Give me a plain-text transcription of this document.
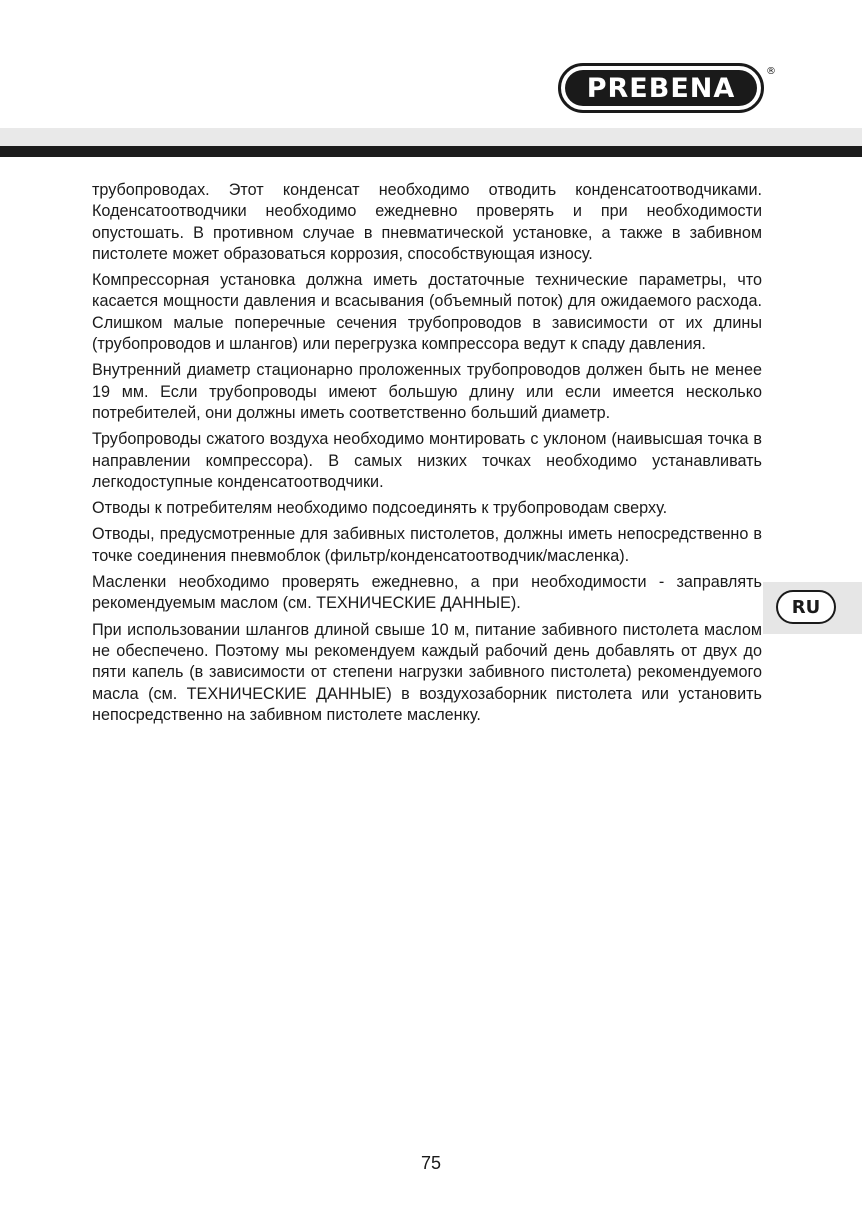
PREBENA
®

трубопроводах. Этот конденсат необходимо отводить конденсатоотводчиками. Коденсатоотводчики необходимо ежедневно проверять и при необходимости опустошать. В противном случае в пневматической установке, а также в забивном пистолете может образоваться коррозия, способствующая износу.

Компрессорная установка должна иметь достаточные технические параметры, что касается мощности давления и всасывания (объемный поток) для ожидаемого расхода. Слишком малые поперечные сечения трубопроводов в зависимости от их длины (трубопроводов и шлангов) или перегрузка компрессора ведут к спаду давления.

Внутренний диаметр стационарно проложенных трубопроводов должен быть не менее 19 мм. Если трубопроводы имеют большую длину или если имеется несколько потребителей, они должны иметь соответственно больший диаметр.

Трубопроводы сжатого воздуха необходимо монтировать с уклоном (наивысшая точка в направлении компрессора). В самых низких точках необходимо устанавливать легкодоступные конденсатоотводчики.

Отводы к потребителям необходимо подсоединять к трубопроводам сверху.

Отводы, предусмотренные для забивных пистолетов, должны иметь непосредственно в точке соединения пневмоблок (фильтр/конденсатоотводчик/масленка).

Масленки необходимо проверять ежедневно, а при необходимости - заправлять рекомендуемым маслом (см. ТЕХНИЧЕСКИЕ ДАННЫЕ).

При использовании шлангов длиной свыше 10 м, питание забивного пистолета маслом не обеспечено. Поэтому мы рекомендуем каждый рабочий день добавлять от двух до пяти капель (в зависимости от степени нагрузки забивного пистолета) рекомендуемого масла (см. ТЕХНИЧЕСКИЕ ДАННЫЕ) в воздухозаборник пистолета или установить непосредственно на забивном пистолете масленку.

RU
75
